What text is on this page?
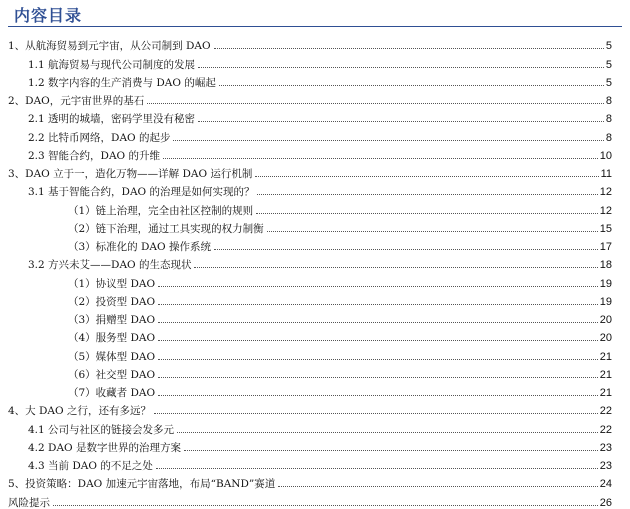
内容目录
1、从航海贸易到元宇宙，从公司制到 DAO	5
1.1 航海贸易与现代公司制度的发展	5
1.2 数字内容的生产消费与 DAO 的崛起	5
2、DAO，元宇宙世界的基石	8
2.1 透明的城墙，密码学里没有秘密	8
2.2 比特币网络，DAO 的起步	8
2.3 智能合约，DAO 的升维	10
3、DAO 立于一，造化万物——详解 DAO 运行机制	11
3.1 基于智能合约，DAO 的治理是如何实现的？	12
（1）链上治理，完全由社区控制的规则	12
（2）链下治理，通过工具实现的权力制衡	15
（3）标准化的 DAO 操作系统	17
3.2 方兴未艾——DAO 的生态现状	18
（1）协议型 DAO	19
（2）投资型 DAO	19
（3）捐赠型 DAO	20
（4）服务型 DAO	20
（5）媒体型 DAO	21
（6）社交型 DAO	21
（7）收藏者 DAO	21
4、大 DAO 之行，还有多远？	22
4.1 公司与社区的链接会发多元	22
4.2 DAO 是数字世界的治理方案	23
4.3 当前 DAO 的不足之处	23
5、投资策略：DAO 加速元宇宙落地，布局“BAND”赛道	24
风险提示	26
